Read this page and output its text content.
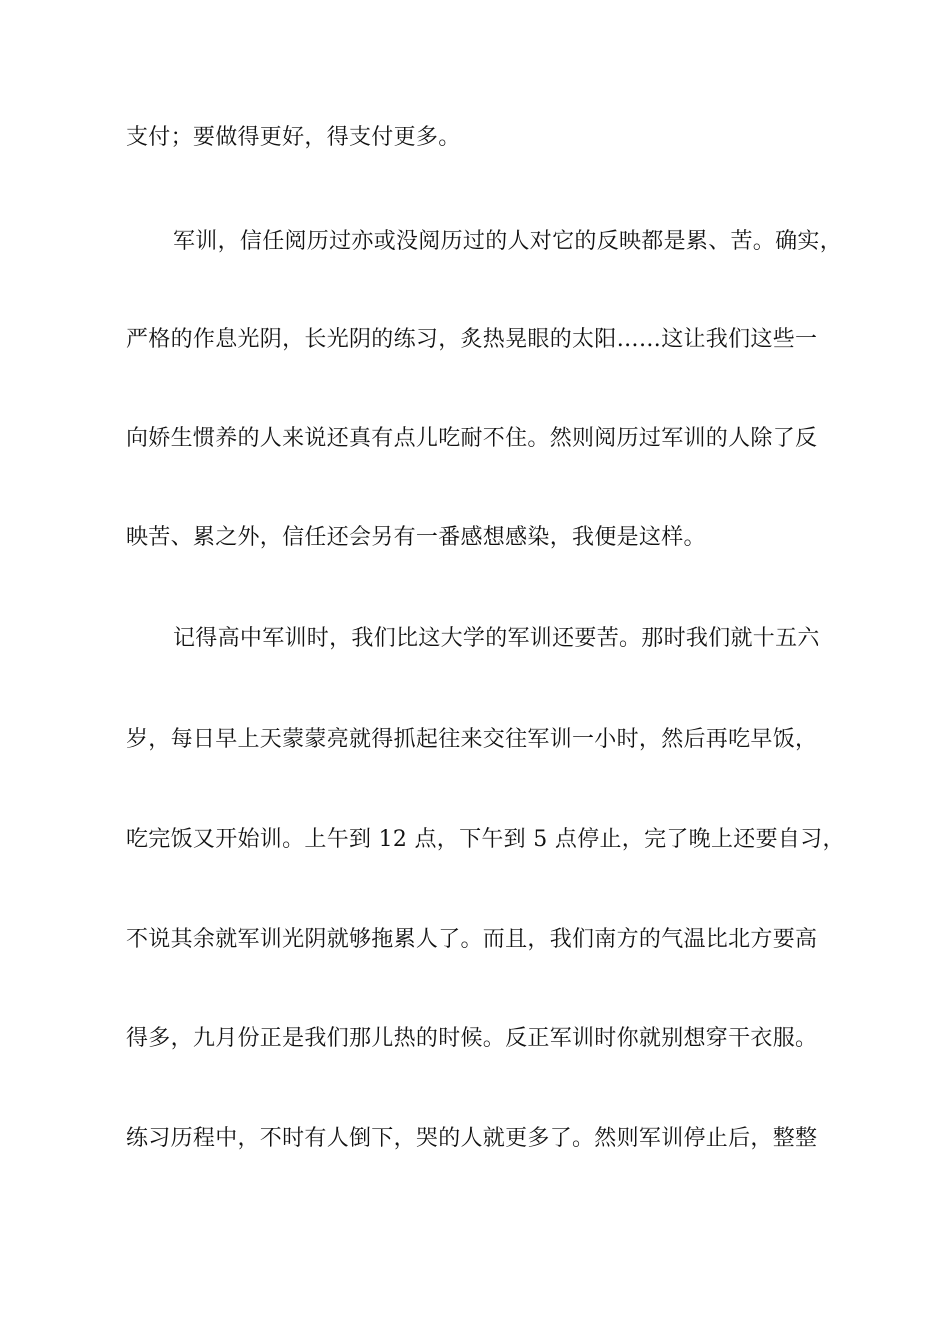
支付；要做得更好，得支付更多。
军训，信任阅历过亦或没阅历过的人对它的反映都是累、苦。确实，
严格的作息光阴，长光阴的练习，炙热晃眼的太阳……这让我们这些一
向娇生惯养的人来说还真有点儿吃耐不住。然则阅历过军训的人除了反
映苦、累之外，信任还会另有一番感想感染，我便是这样。
记得高中军训时，我们比这大学的军训还要苦。那时我们就十五六
岁，每日早上天蒙蒙亮就得抓起往来交往军训一小时，然后再吃早饭，
吃完饭又开始训。上午到 12 点，下午到 5 点停止，完了晚上还要自习，
不说其余就军训光阴就够拖累人了。而且，我们南方的气温比北方要高
得多，九月份正是我们那儿热的时候。反正军训时你就别想穿干衣服。
练习历程中，不时有人倒下，哭的人就更多了。然则军训停止后，整整
